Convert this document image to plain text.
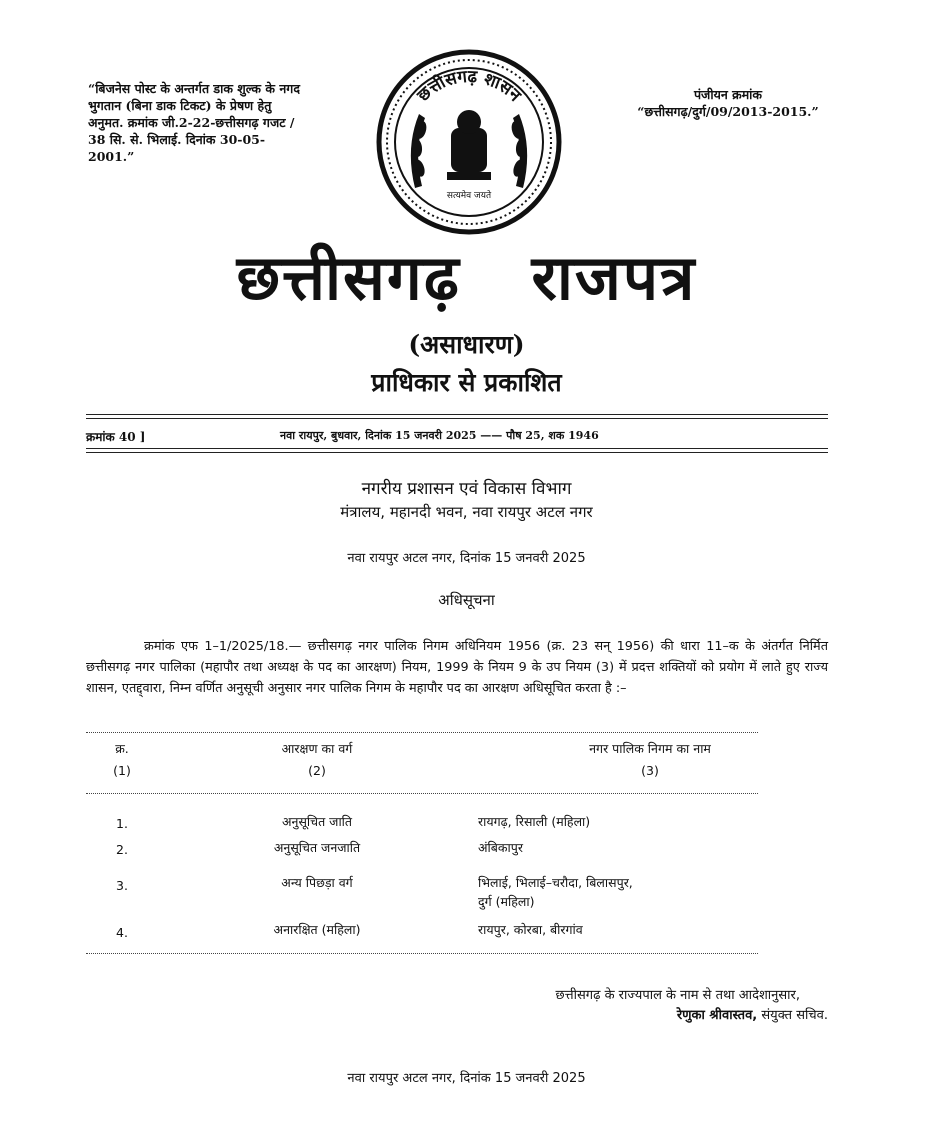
“बिजनेस पोस्ट के अन्तर्गत डाक शुल्क के नगद भुगतान (बिना डाक टिकट) के प्रेषण हेतु अनुमत. क्रमांक जी.2-22-छत्तीसगढ़ गजट / 38 सि. से. भिलाई. दिनांक 30-05-2001.”
छत्तीसगढ़ शासन
सत्यमेव जयते
पंजीयन क्रमांक
“छत्तीसगढ़/दुर्ग/09/2013-2015.”
छत्तीसगढ़   राजपत्र
(असाधारण)
प्राधिकार से प्रकाशित
क्रमांक 40 ]	नवा रायपुर, बुधवार, दिनांक 15 जनवरी 2025 —— पौष 25, शक 1946
नगरीय प्रशासन एवं विकास विभाग
मंत्रालय, महानदी भवन, नवा रायपुर अटल नगर
नवा रायपुर अटल नगर, दिनांक 15 जनवरी 2025
अधिसूचना
क्रमांक एफ 1–1/2025/18.— छत्तीसगढ़ नगर पालिक निगम अधिनियम 1956 (क्र. 23 सन् 1956) की धारा 11–क के अंतर्गत निर्मित छत्तीसगढ़ नगर पालिका (महापौर तथा अध्यक्ष के पद का आरक्षण) नियम, 1999 के नियम 9 के उप नियम (3) में प्रदत्त शक्तियों को प्रयोग में लाते हुए राज्य शासन, एतद्द्वारा, निम्न वर्णित अनुसूची अनुसार नगर पालिक निगम के महापौर पद का आरक्षण अधिसूचित करता है :–
क्र.	आरक्षण का वर्ग	नगर पालिक निगम का नाम
(1)	(2)	(3)
1.	अनुसूचित जाति	रायगढ़, रिसाली (महिला)
2.	अनुसूचित जनजाति	अंबिकापुर
3.	अन्य पिछड़ा वर्ग	भिलाई, भिलाई–चरौदा, बिलासपुर,
दुर्ग (महिला)
4.	अनारक्षित (महिला)	रायपुर, कोरबा, बीरगांव
छत्तीसगढ़ के राज्यपाल के नाम से तथा आदेशानुसार,
रेणुका श्रीवास्तव, संयुक्त सचिव.
नवा रायपुर अटल नगर, दिनांक 15 जनवरी 2025
